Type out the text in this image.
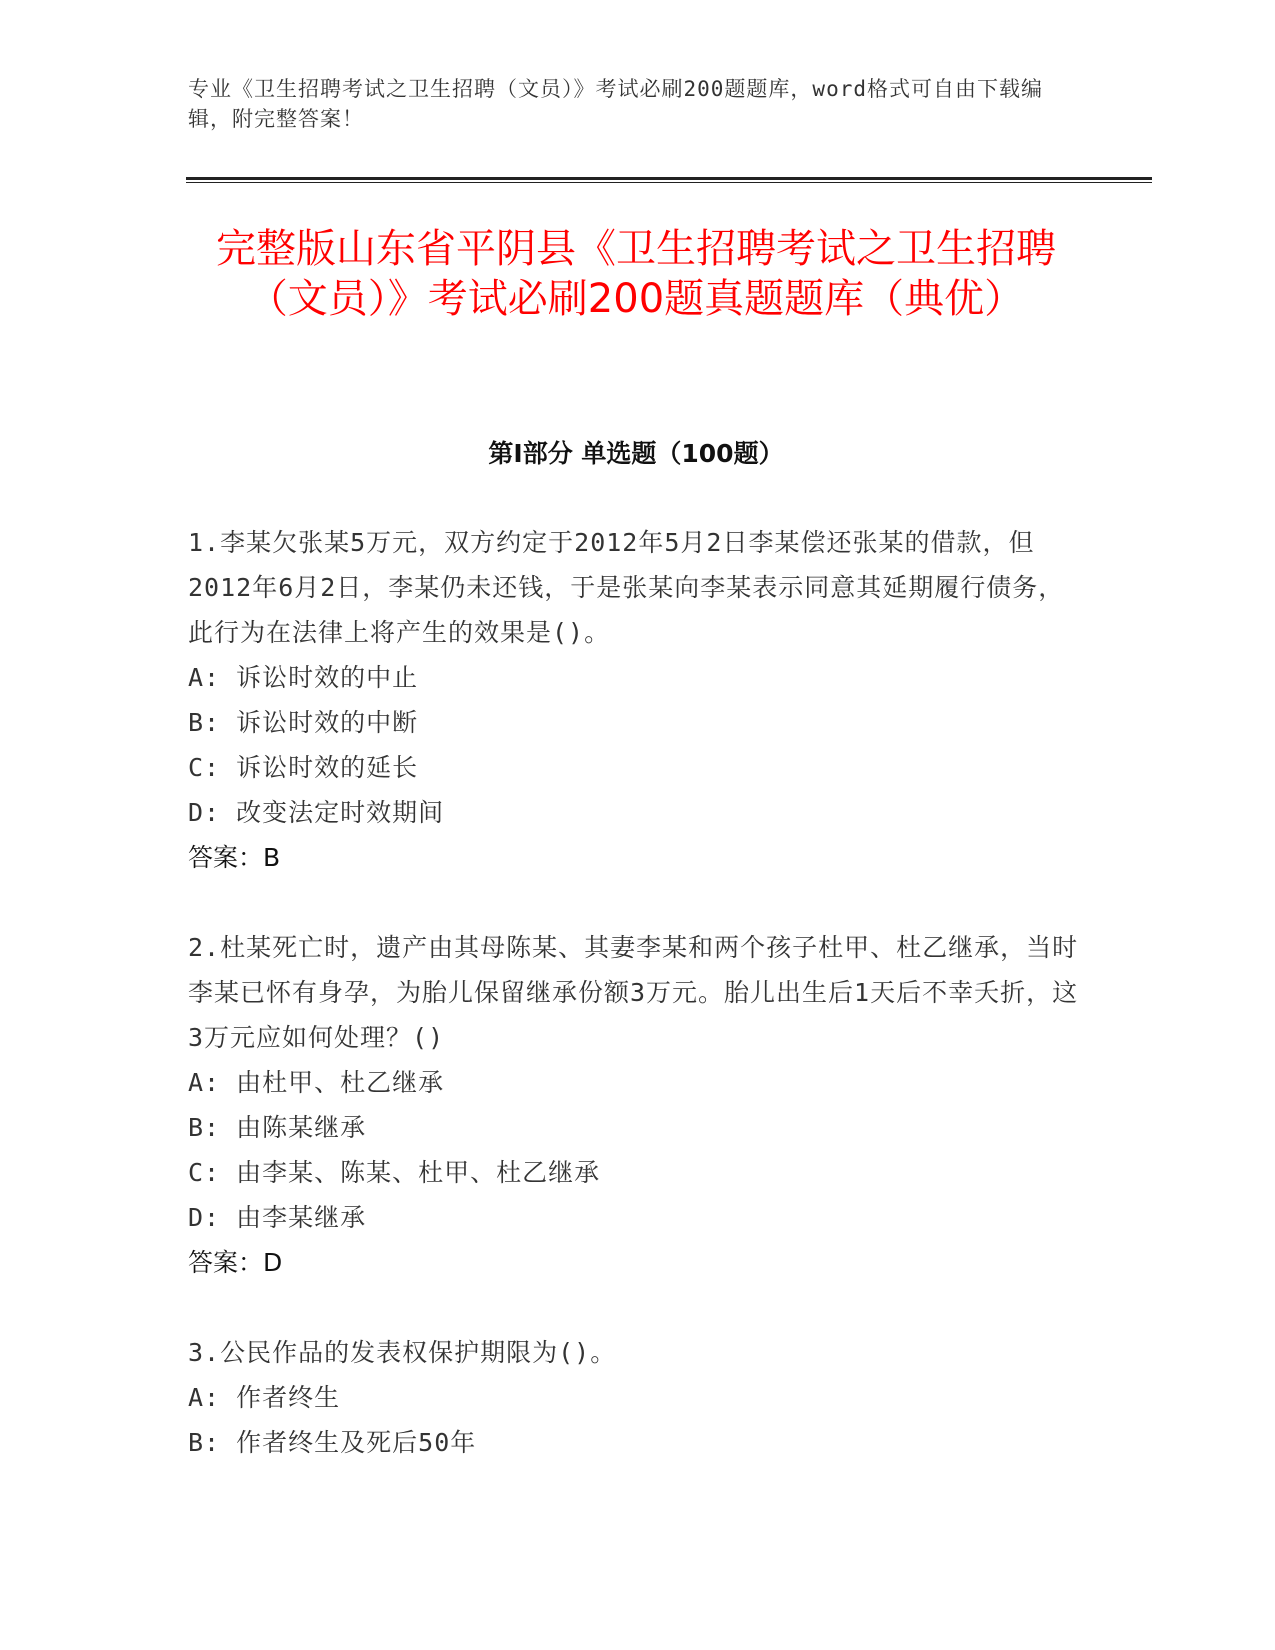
专业《卫生招聘考试之卫生招聘（文员）》考试必刷200题题库，word格式可自由下载编辑，附完整答案！
完整版山东省平阴县《卫生招聘考试之卫生招聘（文员）》考试必刷200题真题题库（典优）
第I部分 单选题（100题）
1.李某欠张某5万元，双方约定于2012年5月2日李某偿还张某的借款，但2012年6月2日，李某仍未还钱，于是张某向李某表示同意其延期履行债务，此行为在法律上将产生的效果是()。
A: 诉讼时效的中止
B: 诉讼时效的中断
C: 诉讼时效的延长
D: 改变法定时效期间
答案：B
2.杜某死亡时，遗产由其母陈某、其妻李某和两个孩子杜甲、杜乙继承，当时李某已怀有身孕，为胎儿保留继承份额3万元。胎儿出生后1天后不幸夭折，这3万元应如何处理？()
A: 由杜甲、杜乙继承
B: 由陈某继承
C: 由李某、陈某、杜甲、杜乙继承
D: 由李某继承
答案：D
3.公民作品的发表权保护期限为()。
A: 作者终生
B: 作者终生及死后50年
